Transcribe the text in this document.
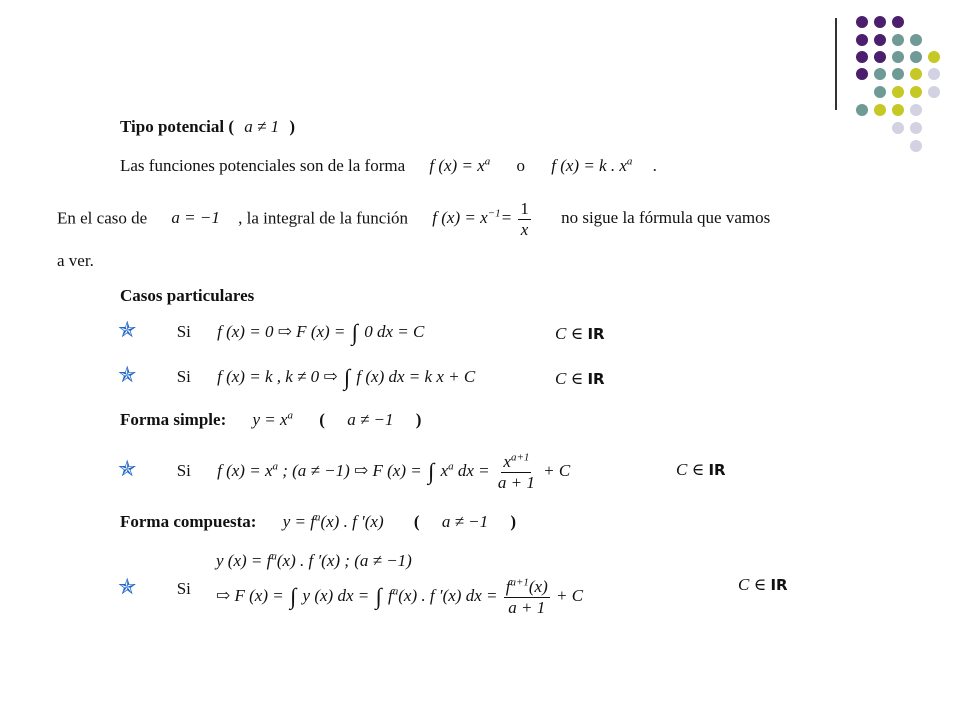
Tipo potencial ( a ≠ 1 )
Las funciones potenciales son de la forma f $(x) = x^a$ o f (x) = k . $x^a$ .
En el caso de a = −1 , la integral de la función f $(x) = x^{-1}= \frac{1}{x}$ no sigue la fórmula que vamos
a ver.
Casos particulares
✯ Si f (x) = 0 ⇨ F (x) = ∫ 0 dx = C	C ∈ IR
✯ Si f (x) = k , k ≠ 0 ⇨ ∫ f (x) dx = k x + C	C ∈ IR
Forma simple: $y = x^a$ ( a ≠ −1 )
✯ Si f $(x) = x^a$ ; (a ≠ −1) ⇨ F (x) = ∫ $x^a$ dx = $\frac{x^{a+1}}{a + 1} + C$	C ∈ IR
Forma compuesta: $y = f^a(x)$ . f ′(x) ( a ≠ −1 )
✯ Si
y $(x) = f^a(x)$ . f ′(x) ; (a ≠ −1)
⇨ F (x) = ∫ y (x) dx = ∫ $f^a(x)$ . f ′(x) dx = $\frac{f^{a+1}(x)}{a + 1} + C$
C ∈ IR
